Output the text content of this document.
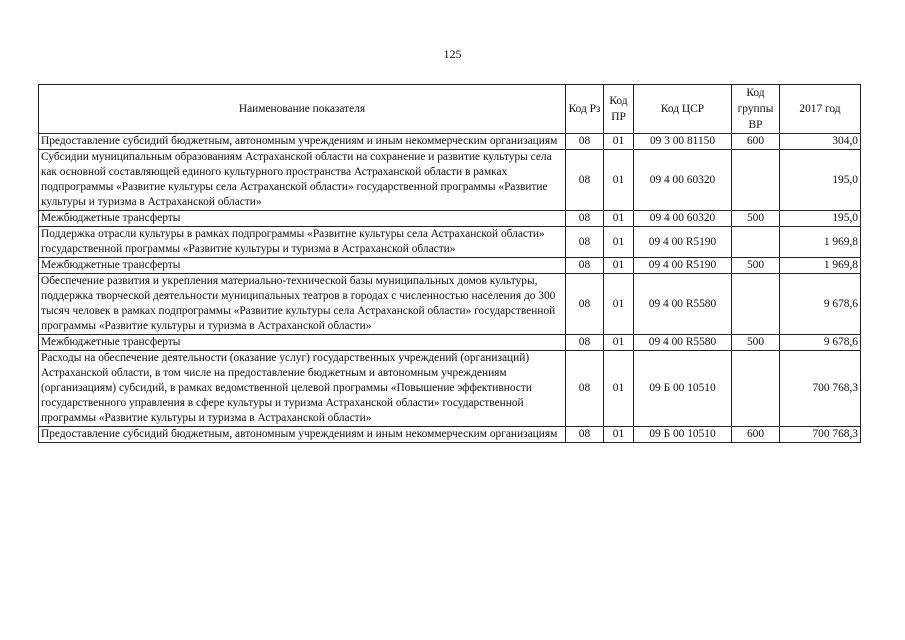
125
Наименование показателя	Код Рз	Код ПР	Код ЦСР	Код группы ВР	2017 год
Предоставление субсидий бюджетным, автономным учреждениям и иным некоммерческим организациям	08	01	09 3 00 81150	600	304,0
Субсидии муниципальным образованиям Астраханской области на сохранение и развитие культуры села как основной составляющей единого культурного пространства Астраханской области в рамках подпрограммы «Развитие культуры села Астраханской области» государственной программы «Развитие культуры и туризма в Астраханской области»	08	01	09 4 00 60320		195,0
Межбюджетные трансферты	08	01	09 4 00 60320	500	195,0
Поддержка отрасли культуры в рамках подпрограммы «Развитие культуры села Астраханской области» государственной программы «Развитие культуры и туризма в Астраханской области»	08	01	09 4 00 R5190		1 969,8
Межбюджетные трансферты	08	01	09 4 00 R5190	500	1 969,8
Обеспечение развития и укрепления материально-технической базы муниципальных домов культуры, поддержка творческой деятельности муниципальных театров в городах с численностью населения до 300 тысяч человек в рамках подпрограммы «Развитие культуры села Астраханской области» государственной программы «Развитие культуры и туризма в Астраханской области»	08	01	09 4 00 R5580		9 678,6
Межбюджетные трансферты	08	01	09 4 00 R5580	500	9 678,6
Расходы на обеспечение деятельности (оказание услуг) государственных учреждений (организаций) Астраханской области, в том числе на предоставление бюджетным и автономным учреждениям (организациям) субсидий, в рамках ведомственной целевой программы «Повышение эффективности государственного управления в сфере культуры и туризма Астраханской области» государственной программы «Развитие культуры и туризма в Астраханской области»	08	01	09 Б 00 10510		700 768,3
Предоставление субсидий бюджетным, автономным учреждениям и иным некоммерческим организациям	08	01	09 Б 00 10510	600	700 768,3
